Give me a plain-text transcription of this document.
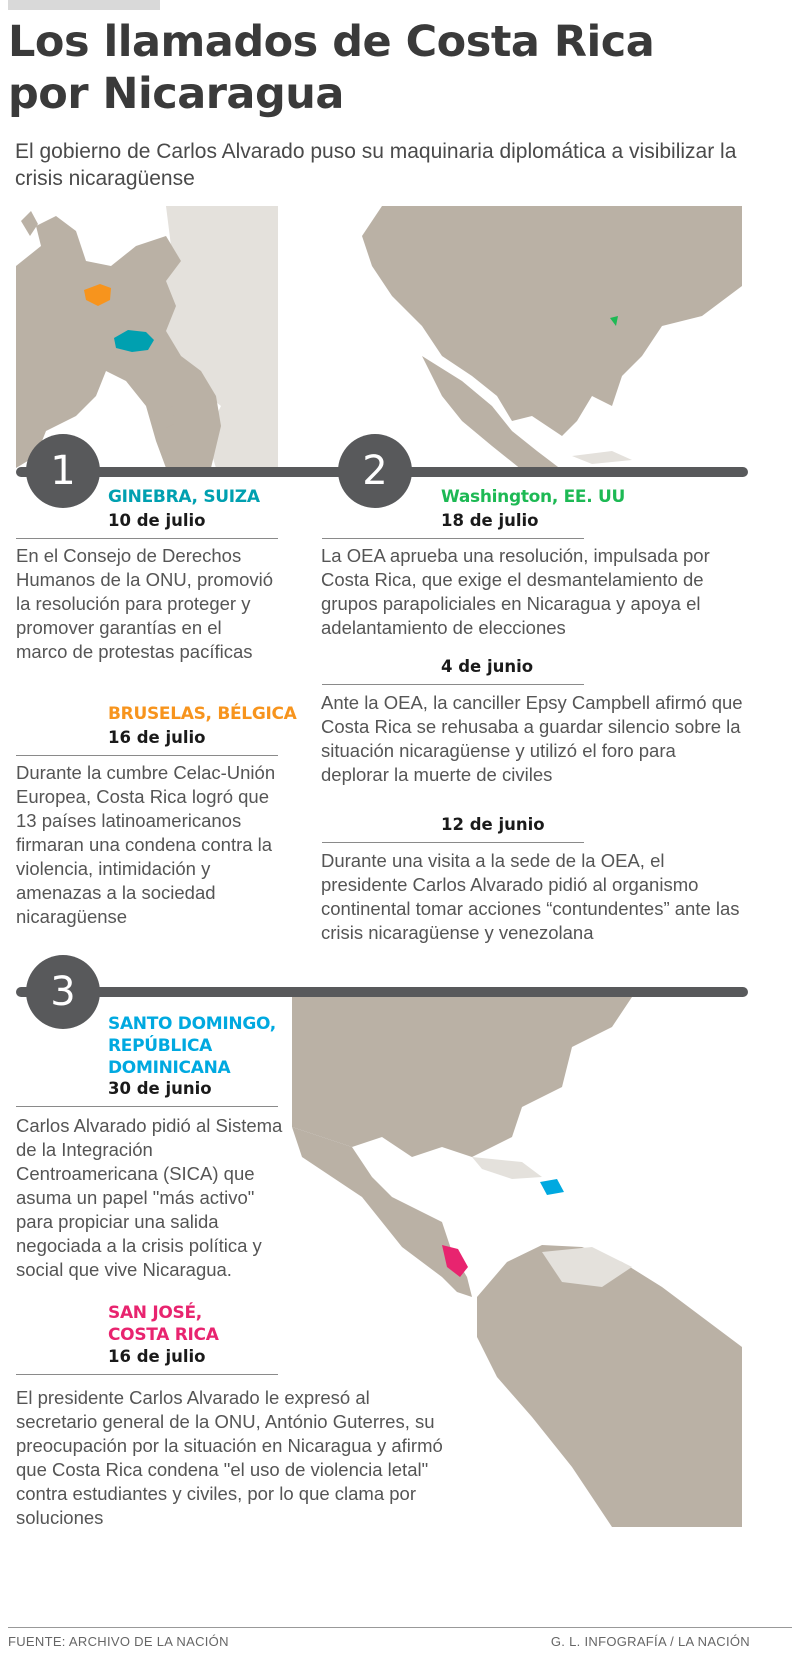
Los llamados de Costa Rica por Nicaragua

El gobierno de Carlos Alvarado puso su maquinaria diplomática a visibilizar la crisis nicaragüense

1	2
3
GINEBRA, SUIZA
10 de julio
En el Consejo de Derechos Humanos de la ONU, promovió la resolución para proteger y promover garantías en el marco de protestas pacíficas
BRUSELAS, BÉLGICA
16 de julio
Durante la cumbre Celac-Unión Europea, Costa Rica logró que 13 países latinoamericanos firmaran una condena contra la violencia, intimidación y amenazas a la sociedad nicaragüense
Washington, EE. UU
18 de julio
La OEA aprueba una resolución, impulsada por Costa Rica, que exige el desmantelamiento de grupos parapoliciales en Nicaragua y apoya el adelantamiento de elecciones
4 de junio
Ante la OEA, la canciller Epsy Campbell afirmó que Costa Rica se rehusaba a guardar silencio sobre la situación nicaragüense y utilizó el foro para deplorar la muerte de civiles
12 de junio
Durante una visita a la sede de la OEA, el presidente Carlos Alvarado pidió al organismo continental tomar acciones “contundentes” ante las crisis nicaragüense y venezolana
SANTO DOMINGO, REPÚBLICA DOMINICANA
30 de junio
Carlos Alvarado pidió al Sistema de la Integración Centroamericana (SICA) que asuma un papel "más activo" para propiciar una salida negociada a la crisis política y social que vive Nicaragua.
SAN JOSÉ, COSTA RICA
16 de julio
El presidente Carlos Alvarado le expresó al secretario general de la ONU, António Guterres, su preocupación por la situación en Nicaragua y afirmó que Costa Rica condena "el uso de violencia letal" contra estudiantes y civiles, por lo que clama por soluciones
FUENTE: ARCHIVO DE LA NACIÓN	G. L. INFOGRAFÍA / LA NACIÓN
